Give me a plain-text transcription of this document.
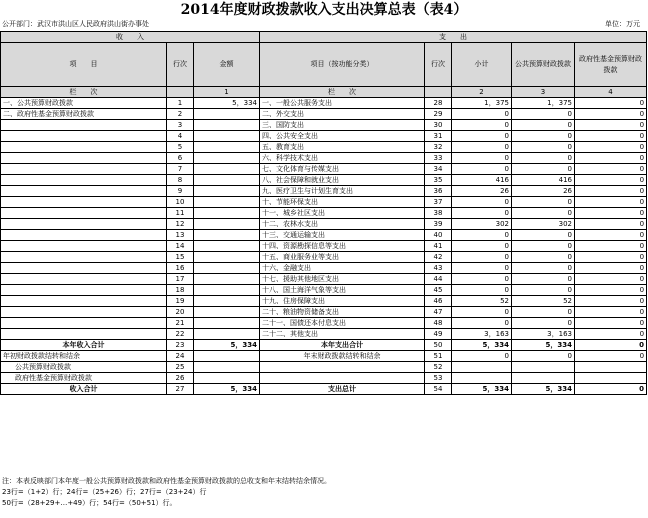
2014年度财政拨款收入支出决算总表（表4）
公开部门：武汉市洪山区人民政府洪山街办事处	单位：万元
收　　入			支　　出				
项　　目	行次	金额	项目（按功能分类）	行次	小计	公共预算财政拨款	政府性基金预算财政拨款
栏　　次		1	栏　　次		2	3	4
一、公共预算财政拨款	1	5，334	一、一般公共服务支出	28	1，375	1，375	0
二、政府性基金预算财政拨款	2		二、外交支出	29	0	0	0
	3		三、国防支出	30	0	0	0
	4		四、公共安全支出	31	0	0	0
	5		五、教育支出	32	0	0	0
	6		六、科学技术支出	33	0	0	0
	7		七、文化体育与传媒支出	34	0	0	0
	8		八、社会保障和就业支出	35	416	416	0
	9		九、医疗卫生与计划生育支出	36	26	26	0
	10		十、节能环保支出	37	0	0	0
	11		十一、城乡社区支出	38	0	0	0
	12		十二、农林水支出	39	302	302	0
	13		十三、交通运输支出	40	0	0	0
	14		十四、资源勘探信息等支出	41	0	0	0
	15		十五、商业服务业等支出	42	0	0	0
	16		十六、金融支出	43	0	0	0
	17		十七、援助其他地区支出	44	0	0	0
	18		十八、国土海洋气象等支出	45	0	0	0
	19		十九、住房保障支出	46	52	52	0
	20		二十、粮油物资储备支出	47	0	0	0
	21		二十一、国债还本付息支出	48	0	0	0
	22		二十二、其他支出	49	3，163	3，163	0
本年收入合计	23	5，334	本年支出合计	50	5，334	5，334	0
年初财政拨款结转和结余	24		年末财政拨款结转和结余	51	0	0	0
公共预算财政拨款	25			52			
政府性基金预算财政拨款	26			53			
收入合计	27	5，334	支出总计	54	5，334	5，334	0
注：本表反映部门本年度一般公共预算财政拨款和政府性基金预算财政拨款的总收支和年末结转结余情况。
23行=（1+2）行；24行=（25+26）行；27行=（23+24）行
50行=（28+29+…+49）行；54行=（50+51）行。
